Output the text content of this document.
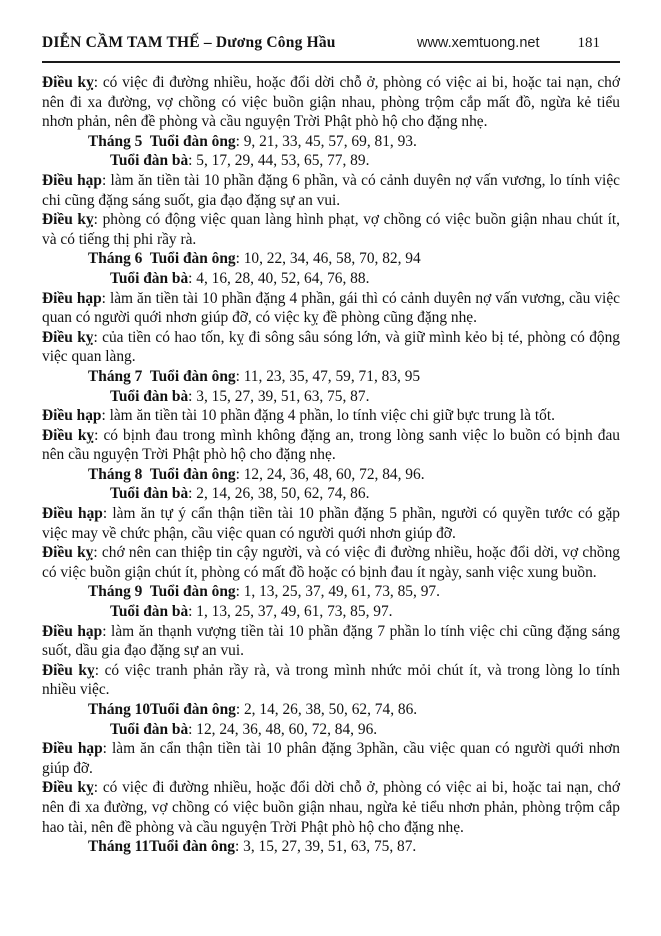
DIỄN CẦM TAM THẾ – Dương Công Hầu	www.xemtuong.net	181

Điều kỵ: có việc đi đường nhiều, hoặc đổi dời chỗ ở, phòng có việc ai bi, hoặc tai nạn, chớ nên đi xa đường, vợ chồng có việc buồn giận nhau, phòng trộm cắp mất đồ, ngừa kẻ tiểu nhơn phản, nên đề phòng và cầu nguyện Trời Phật phò hộ cho đặng nhẹ.

Tháng 5  Tuổi đàn ông: 9, 21, 33, 45, 57, 69, 81, 93.

Tuổi đàn bà: 5, 17, 29, 44, 53, 65, 77, 89.

Điều hạp: làm ăn tiền tài 10 phần đặng 6 phần, và có cảnh duyên nợ vấn vương, lo tính việc chi cũng đặng sáng suốt, gia đạo đặng sự an vui.

Điều kỵ: phòng có động việc quan làng hình phạt, vợ chồng có việc buồn giận nhau chút ít, và có tiếng thị phi rầy rà.

Tháng 6  Tuổi đàn ông: 10, 22, 34, 46, 58, 70, 82, 94

Tuổi đàn bà: 4, 16, 28, 40, 52, 64, 76, 88.

Điều hạp: làm ăn tiền tài 10 phần đặng 4 phần, gái thì có cảnh duyên nợ vấn vương, cầu việc quan có người quới nhơn giúp đỡ, có việc kỵ đề phòng cũng đặng nhẹ.

Điều kỵ: của tiền có hao tốn, kỵ đi sông sâu sóng lớn, và giữ mình kẻo bị té, phòng có động việc quan làng.

Tháng 7  Tuổi đàn ông: 11, 23, 35, 47, 59, 71, 83, 95

Tuổi đàn bà: 3, 15, 27, 39, 51, 63, 75, 87.

Điều hạp: làm ăn tiền tài 10 phần đặng 4 phần, lo tính việc chi giữ bực trung là tốt.

Điều kỵ: có bịnh đau trong mình không đặng an, trong lòng sanh việc lo buồn có bịnh đau nên cầu nguyện Trời Phật phò hộ cho đặng nhẹ.

Tháng 8  Tuổi đàn ông: 12, 24, 36, 48, 60, 72, 84, 96.

Tuổi đàn bà: 2, 14, 26, 38, 50, 62, 74, 86.

Điều hạp: làm ăn tự ý cẩn thận tiền tài 10 phần đặng 5 phần, người có quyền tước có gặp việc may về chức phận, cầu việc quan có người quới nhơn giúp đỡ.

Điều kỵ: chớ nên can thiệp tin cậy người, và có việc đi đường nhiều, hoặc đổi dời, vợ chồng có việc buồn giận chút ít, phòng có mất đồ hoặc có bịnh đau ít ngày, sanh việc xung buồn.

Tháng 9  Tuổi đàn ông: 1, 13, 25, 37, 49, 61, 73, 85, 97.

Tuổi đàn bà: 1, 13, 25, 37, 49, 61, 73, 85, 97.

Điều hạp: làm ăn thạnh vượng tiền tài 10 phần đặng 7 phần lo tính việc chi cũng đặng sáng suốt, dầu gia đạo đặng sự an vui.

Điều kỵ: có việc tranh phản rầy rà, và trong mình nhức mỏi chút ít, và trong lòng lo tính nhiều việc.

Tháng 10Tuổi đàn ông: 2, 14, 26, 38, 50, 62, 74, 86.

Tuổi đàn bà: 12, 24, 36, 48, 60, 72, 84, 96.

Điều hạp: làm ăn cẩn thận tiền tài 10 phân đặng 3phần, cầu việc quan có người quới nhơn giúp đỡ.

Điều kỵ: có việc đi đường nhiều, hoặc đổi dời chỗ ở, phòng có việc ai bi, hoặc tai nạn, chớ nên đi xa đường, vợ chồng có việc buồn giận nhau, ngừa kẻ tiểu nhơn phản, phòng trộm cắp hao tài, nên đề phòng và cầu nguyện Trời Phật phò hộ cho đặng nhẹ.

Tháng 11Tuổi đàn ông: 3, 15, 27, 39, 51, 63, 75, 87.
